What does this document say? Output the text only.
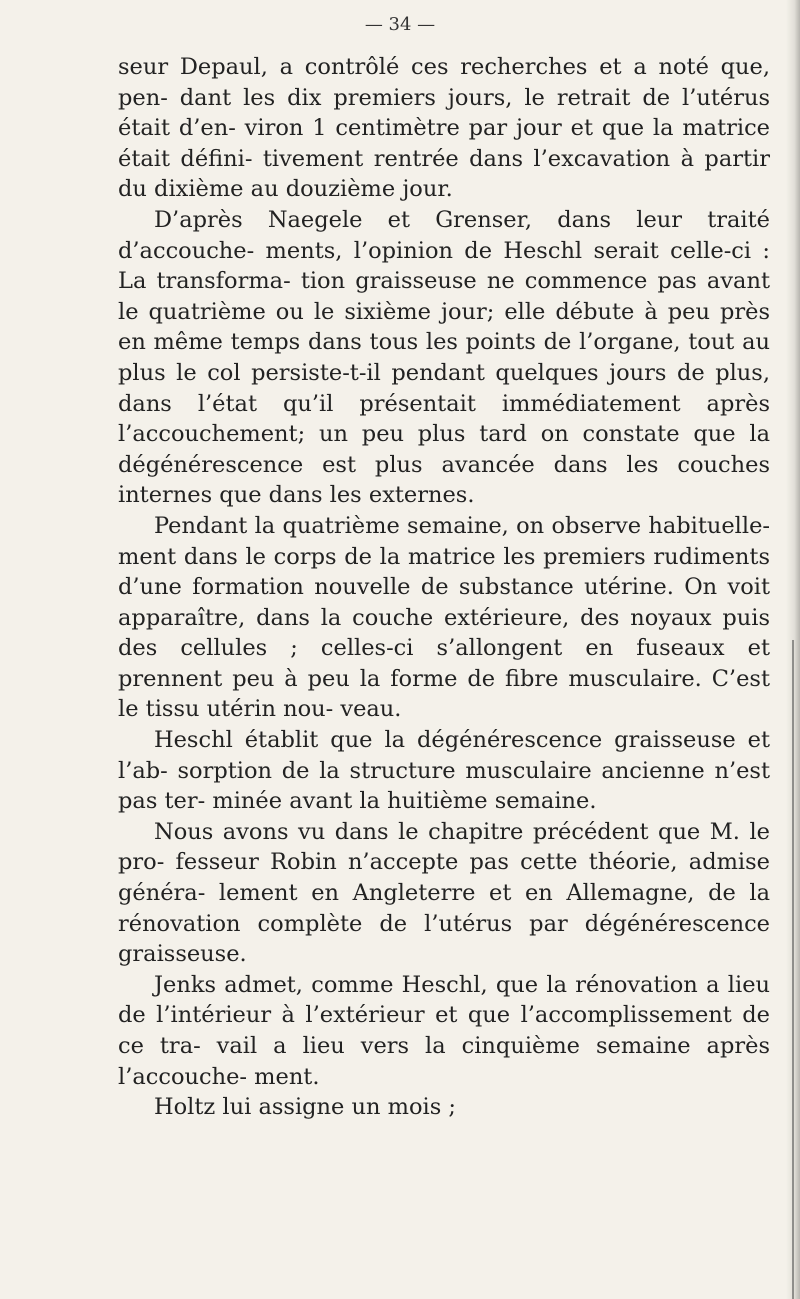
— 34 —

seur Depaul, a contrôlé ces recherches et a noté que, pen- dant les dix premiers jours, le retrait de l’utérus était d’en- viron 1 centimètre par jour et que la matrice était défini- tivement rentrée dans l’excavation à partir du dixième au douzième jour.

D’après Naegele et Grenser, dans leur traité d’accouche- ments, l’opinion de Heschl serait celle-ci : La transforma- tion graisseuse ne commence pas avant le quatrième ou le sixième jour; elle débute à peu près en même temps dans tous les points de l’organe, tout au plus le col persiste-t-il pendant quelques jours de plus, dans l’état qu’il présentait immédiatement après l’accouchement; un peu plus tard on constate que la dégénérescence est plus avancée dans les couches internes que dans les externes.

Pendant la quatrième semaine, on observe habituelle- ment dans le corps de la matrice les premiers rudiments d’une formation nouvelle de substance utérine. On voit apparaître, dans la couche extérieure, des noyaux puis des cellules ; celles-ci s’allongent en fuseaux et prennent peu à peu la forme de fibre musculaire. C’est le tissu utérin nou- veau.

Heschl établit que la dégénérescence graisseuse et l’ab- sorption de la structure musculaire ancienne n’est pas ter- minée avant la huitième semaine.

Nous avons vu dans le chapitre précédent que M. le pro- fesseur Robin n’accepte pas cette théorie, admise généra- lement en Angleterre et en Allemagne, de la rénovation complète de l’utérus par dégénérescence graisseuse.

Jenks admet, comme Heschl, que la rénovation a lieu de l’intérieur à l’extérieur et que l’accomplissement de ce tra- vail a lieu vers la cinquième semaine après l’accouche- ment.

Holtz lui assigne un mois ;
